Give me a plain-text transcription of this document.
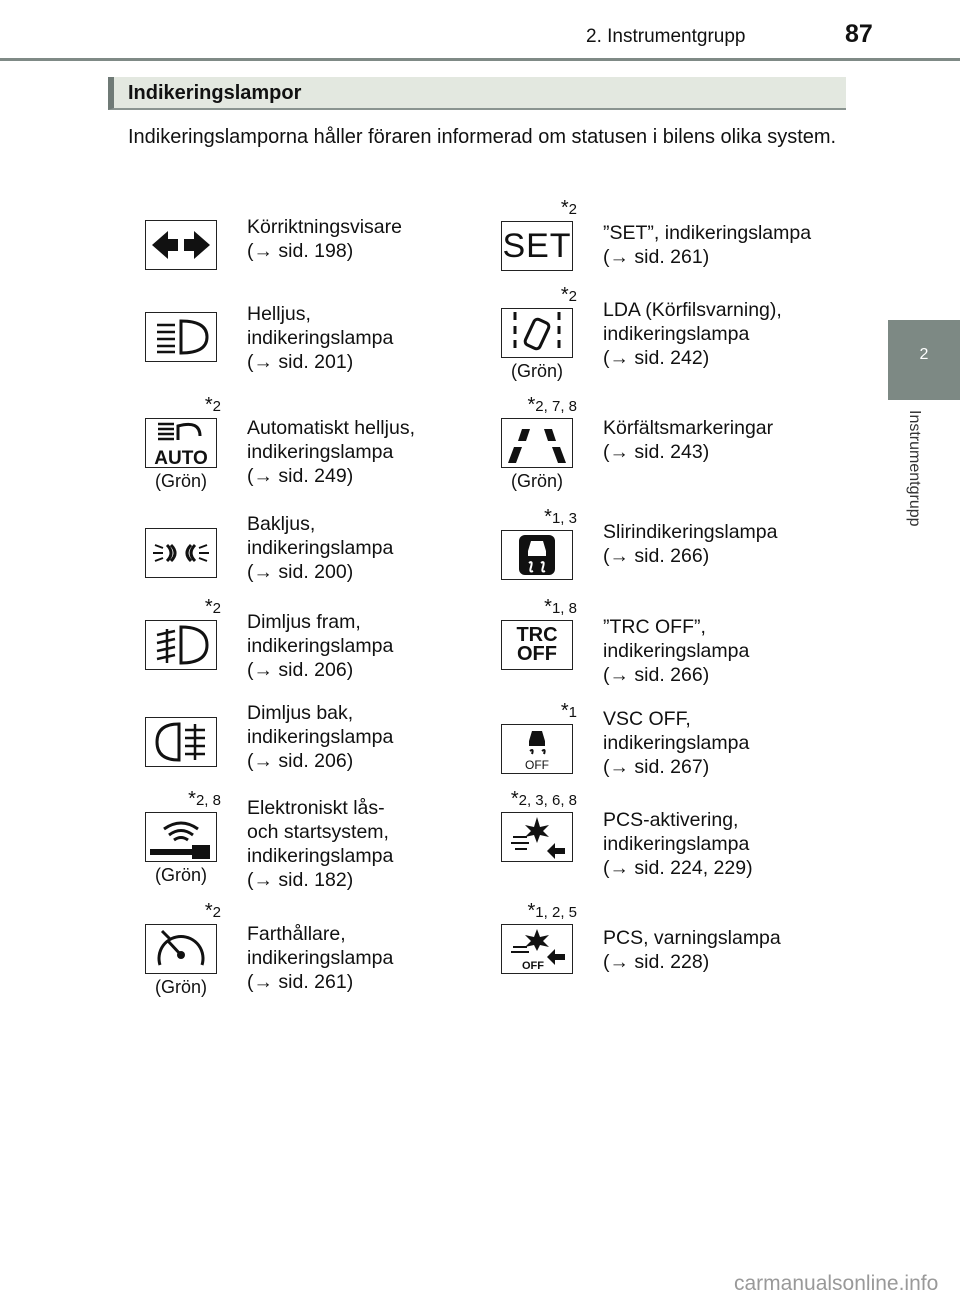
2. Instrumentgrupp	87
2
Instrumentgrupp
Indikeringslampor
Indikeringslamporna håller föraren informerad om statusen i bilens olika system.
Körriktningsvisare
(→ sid. 198)
Helljus,
indikeringslampa
(→ sid. 201)
AUTO
*2
(Grön)
Automatiskt helljus,
indikeringslampa
(→ sid. 249)
Bakljus,
indikeringslampa
(→ sid. 200)
*2
Dimljus fram,
indikeringslampa
(→ sid. 206)
Dimljus bak,
indikeringslampa
(→ sid. 206)
*2, 8
(Grön)
Elektroniskt lås-
och startsystem,
indikeringslampa
(→ sid. 182)
*2
(Grön)
Farthållare,
indikeringslampa
(→ sid. 261)
SET
*2
”SET”, indikeringslampa
(→ sid. 261)
*2
(Grön)
LDA (Körfilsvarning),
indikeringslampa
(→ sid. 242)
*2, 7, 8
(Grön)
Körfältsmarkeringar
(→ sid. 243)
*1, 3
Slirindikeringslampa
(→ sid. 266)
TRC
OFF
*1, 8
”TRC OFF”,
indikeringslampa
(→ sid. 266)
OFF
*1 VSC OFF,
indikeringslampa
(→ sid. 267)
*2, 3, 6, 8
PCS-aktivering,
indikeringslampa
(→ sid. 224, 229)
OFF
*1, 2, 5
PCS, varningslampa
(→ sid. 228)
carmanualsonline.info
